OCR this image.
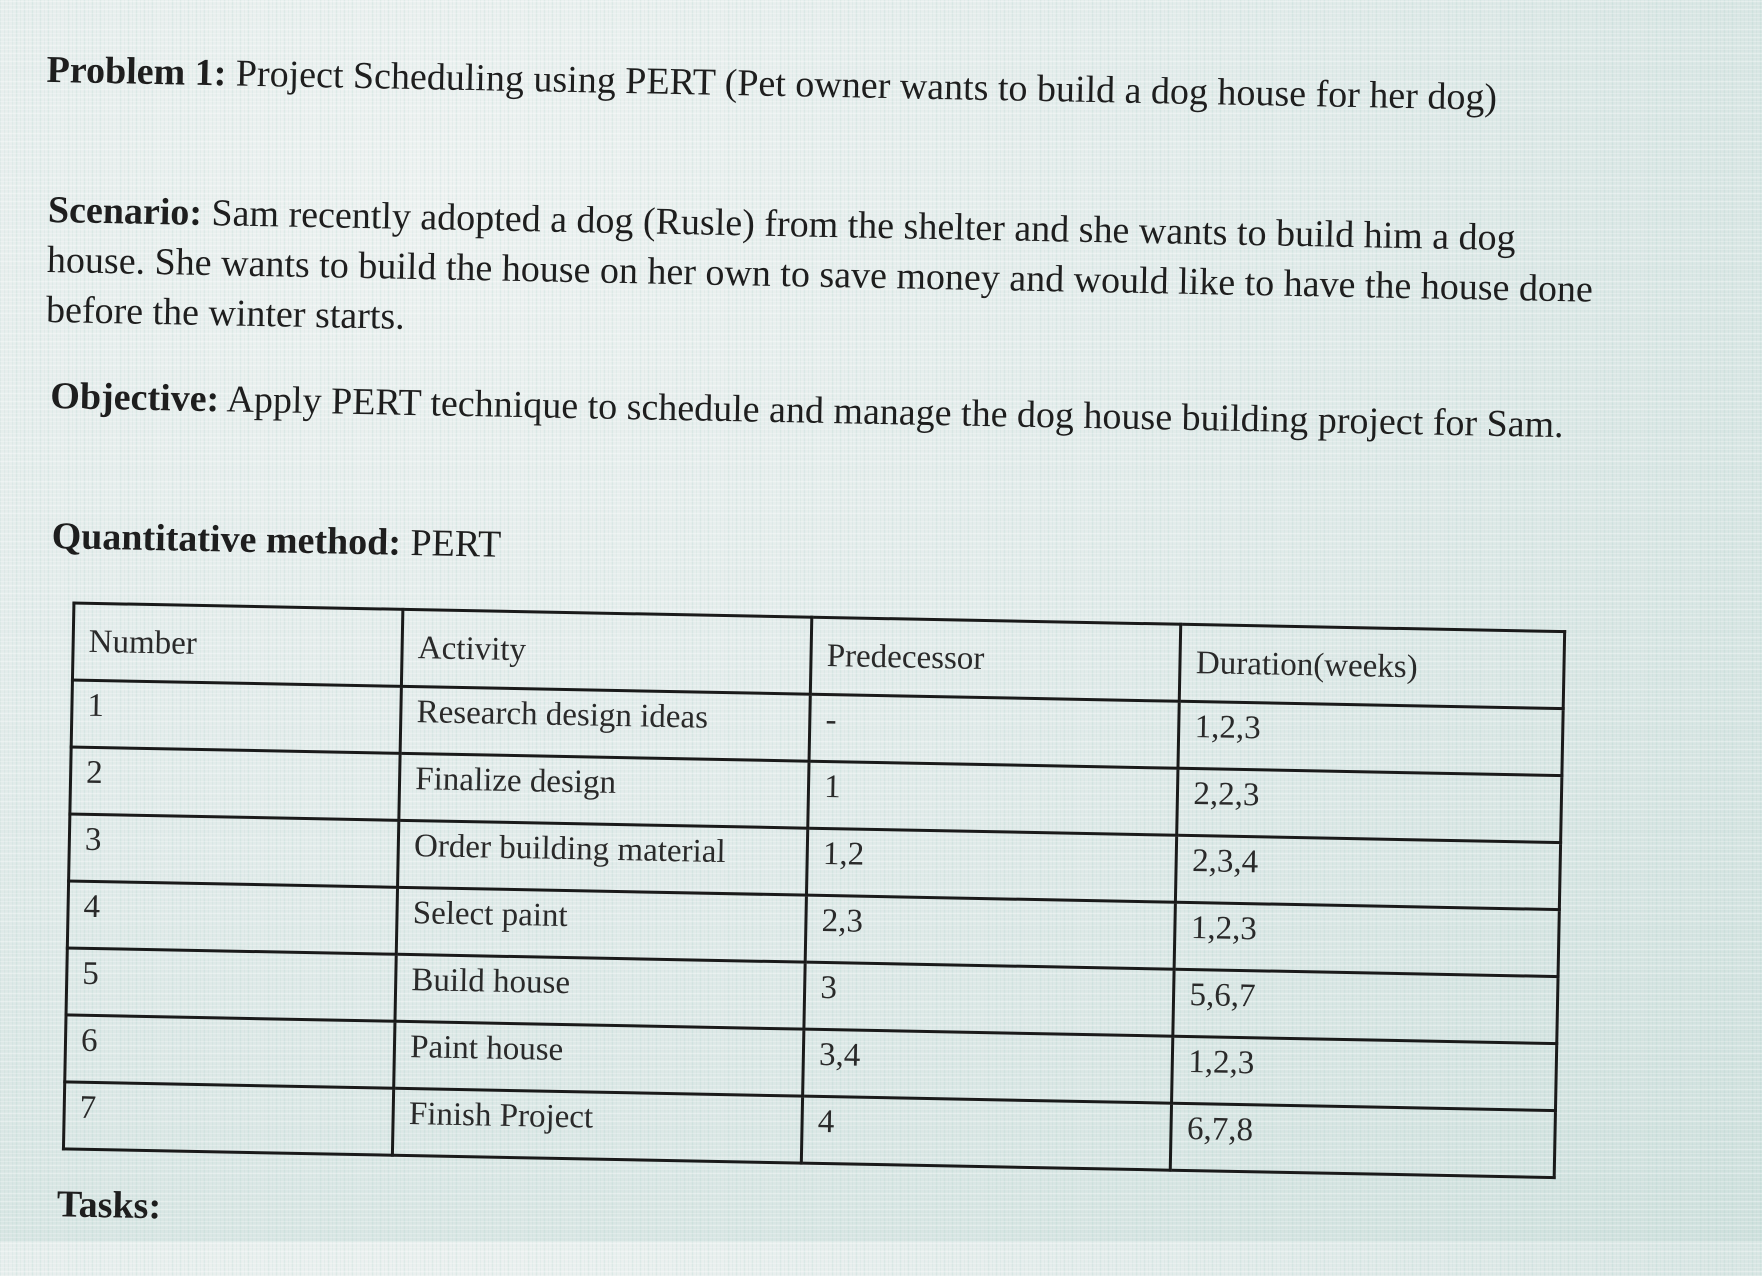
Problem 1: Project Scheduling using PERT (Pet owner wants to build a dog house for her dog)

Scenario: Sam recently adopted a dog (Rusle) from the shelter and she wants to build him a dog house. She wants to build the house on her own to save money and would like to have the house done before the winter starts.

Objective: Apply PERT technique to schedule and manage the dog house building project for Sam.

Quantitative method: PERT

Number	Activity	Predecessor	Duration(weeks)
1	Research design ideas	-	1,2,3
2	Finalize design	1	2,2,3
3	Order building material	1,2	2,3,4
4	Select paint	2,3	1,2,3
5	Build house	3	5,6,7
6	Paint house	3,4	1,2,3
7	Finish Project	4	6,7,8
Tasks:
